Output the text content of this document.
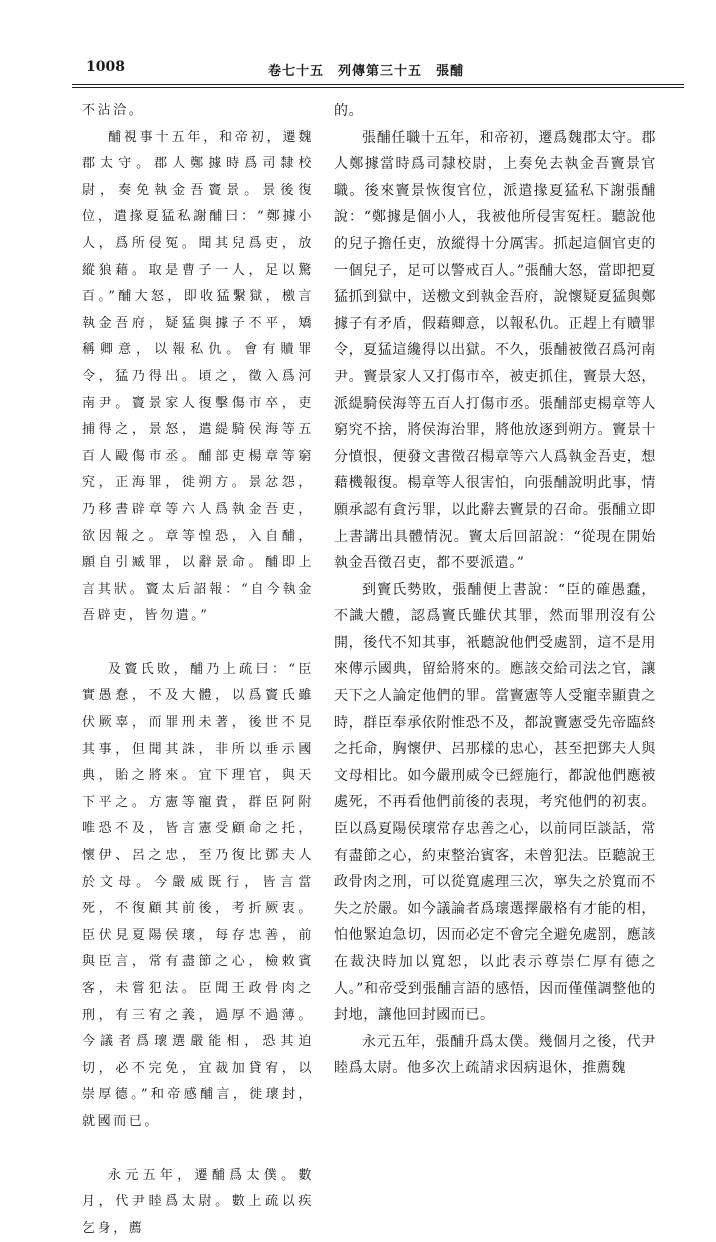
1008	卷七十五　列傳第三十五　張酺

不沾洽。

酺視事十五年，和帝初，遷魏郡太守。郡人鄭據時爲司隸校尉，奏免執金吾竇景。景後復位，遣掾夏猛私謝酺曰：“鄭據小人，爲所侵冤。聞其兒爲吏，放縱狼藉。取是曹子一人，足以驚百。”酺大怒，即收猛繫獄，檄言執金吾府，疑猛與據子不平，矯稱卿意，以報私仇。會有贖罪令，猛乃得出。頃之，徵入爲河南尹。竇景家人復擊傷市卒，吏捕得之，景怒，遣緹騎侯海等五百人毆傷市丞。酺部吏楊章等窮究，正海罪，徙朔方。景忿怨，乃移書辟章等六人爲執金吾吏，欲因報之。章等惶恐，入自酺，願自引臧罪，以辭景命。酺即上言其狀。竇太后詔報：“自今執金吾辟吏，皆勿遣。”

及竇氏敗，酺乃上疏曰：“臣實愚惷，不及大體，以爲竇氏雖伏厥辜，而罪刑未著，後世不見其事，但聞其誅，非所以垂示國典，貽之將來。宜下理官，與天下平之。方憲等寵貴，群臣阿附唯恐不及，皆言憲受顧命之托，懷伊、呂之忠，至乃復比鄧夫人於文母。今嚴威既行，皆言當死，不復顧其前後，考折厥衷。臣伏見夏陽侯瓌，每存忠善，前與臣言，常有盡節之心，檢敕賓客，未嘗犯法。臣聞王政骨肉之刑，有三宥之義，過厚不過薄。今議者爲瓌選嚴能相，恐其迫切，必不完免，宜裁加貸宥，以崇厚德。”和帝感酺言，徙瓌封，就國而已。

永元五年，遷酺爲太僕。數月，代尹睦爲太尉。數上疏以疾乞身，薦

的。

張酺任職十五年，和帝初，遷爲魏郡太守。郡人鄭據當時爲司隸校尉，上奏免去執金吾竇景官職。後來竇景恢復官位，派遣掾夏猛私下謝張酺說：“鄭據是個小人，我被他所侵害冤枉。聽說他的兒子擔任吏，放縱得十分厲害。抓起這個官吏的一個兒子，足可以警戒百人。”張酺大怒，當即把夏猛抓到獄中，送檄文到執金吾府，說懷疑夏猛與鄭據子有矛盾，假藉卿意，以報私仇。正趕上有贖罪令，夏猛這纔得以出獄。不久，張酺被徵召爲河南尹。竇景家人又打傷市卒，被吏抓住，竇景大怒，派緹騎侯海等五百人打傷市丞。張酺部吏楊章等人窮究不捨，將侯海治罪，將他放逐到朔方。竇景十分憤恨，便發文書徵召楊章等六人爲執金吾吏，想藉機報復。楊章等人很害怕，向張酺說明此事，情願承認有貪污罪，以此辭去竇景的召命。張酺立即上書講出具體情況。竇太后回詔說：“從現在開始執金吾徵召吏，都不要派遣。”

到竇氏勢敗，張酺便上書說：“臣的確愚蠢，不識大體，認爲竇氏雖伏其罪，然而罪刑沒有公開，後代不知其事，衹聽說他們受處罰，這不是用來傳示國典，留給將來的。應該交給司法之官，讓天下之人論定他們的罪。當竇憲等人受寵幸顯貴之時，群臣奉承依附惟恐不及，都說竇憲受先帝臨終之托命，胸懷伊、呂那樣的忠心，甚至把鄧夫人與文母相比。如今嚴刑威令已經施行，都說他們應被處死，不再看他們前後的表現，考究他們的初衷。臣以爲夏陽侯瓌常存忠善之心，以前同臣談話，常有盡節之心，約束整治賓客，未曾犯法。臣聽說王政骨肉之刑，可以從寬處理三次，寧失之於寬而不失之於嚴。如今議論者爲瓌選擇嚴格有才能的相，怕他緊迫急切，因而必定不會完全避免處罰，應該在裁決時加以寬恕，以此表示尊崇仁厚有德之人。”和帝受到張酺言語的感悟，因而僅僅調整他的封地，讓他回封國而已。

永元五年，張酺升爲太僕。幾個月之後，代尹睦爲太尉。他多次上疏請求因病退休，推薦魏
